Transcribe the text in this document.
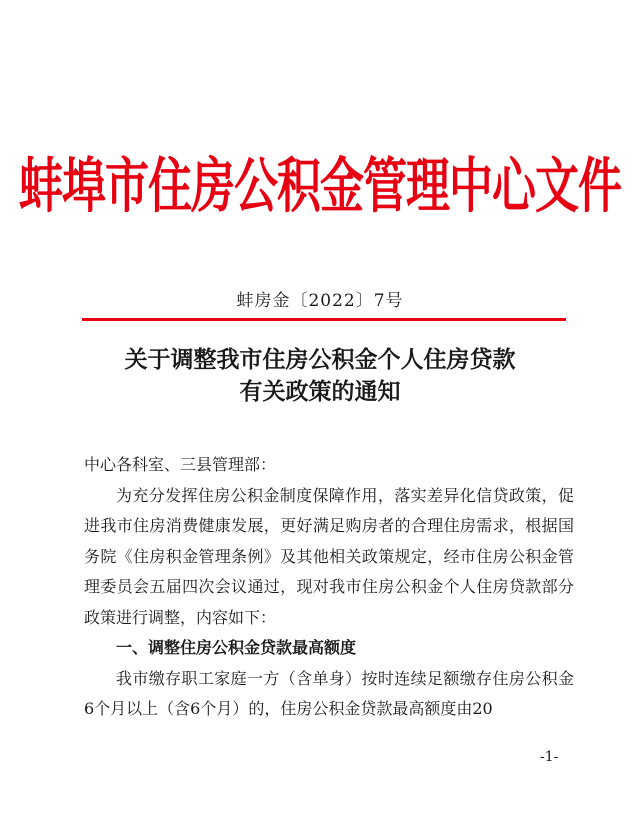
蚌埠市住房公积金管理中心文件
蚌房金〔2022〕7号
关于调整我市住房公积金个人住房贷款
有关政策的通知

中心各科室、三县管理部：

为充分发挥住房公积金制度保障作用，落实差异化信贷政策，促进我市住房消费健康发展，更好满足购房者的合理住房需求，根据国务院《住房积金管理条例》及其他相关政策规定，经市住房公积金管理委员会五届四次会议通过，现对我市住房公积金个人住房贷款部分政策进行调整，内容如下：

一、调整住房公积金贷款最高额度

我市缴存职工家庭一方（含单身）按时连续足额缴存住房公积金6个月以上（含6个月）的，住房公积金贷款最高额度由20

-1-
